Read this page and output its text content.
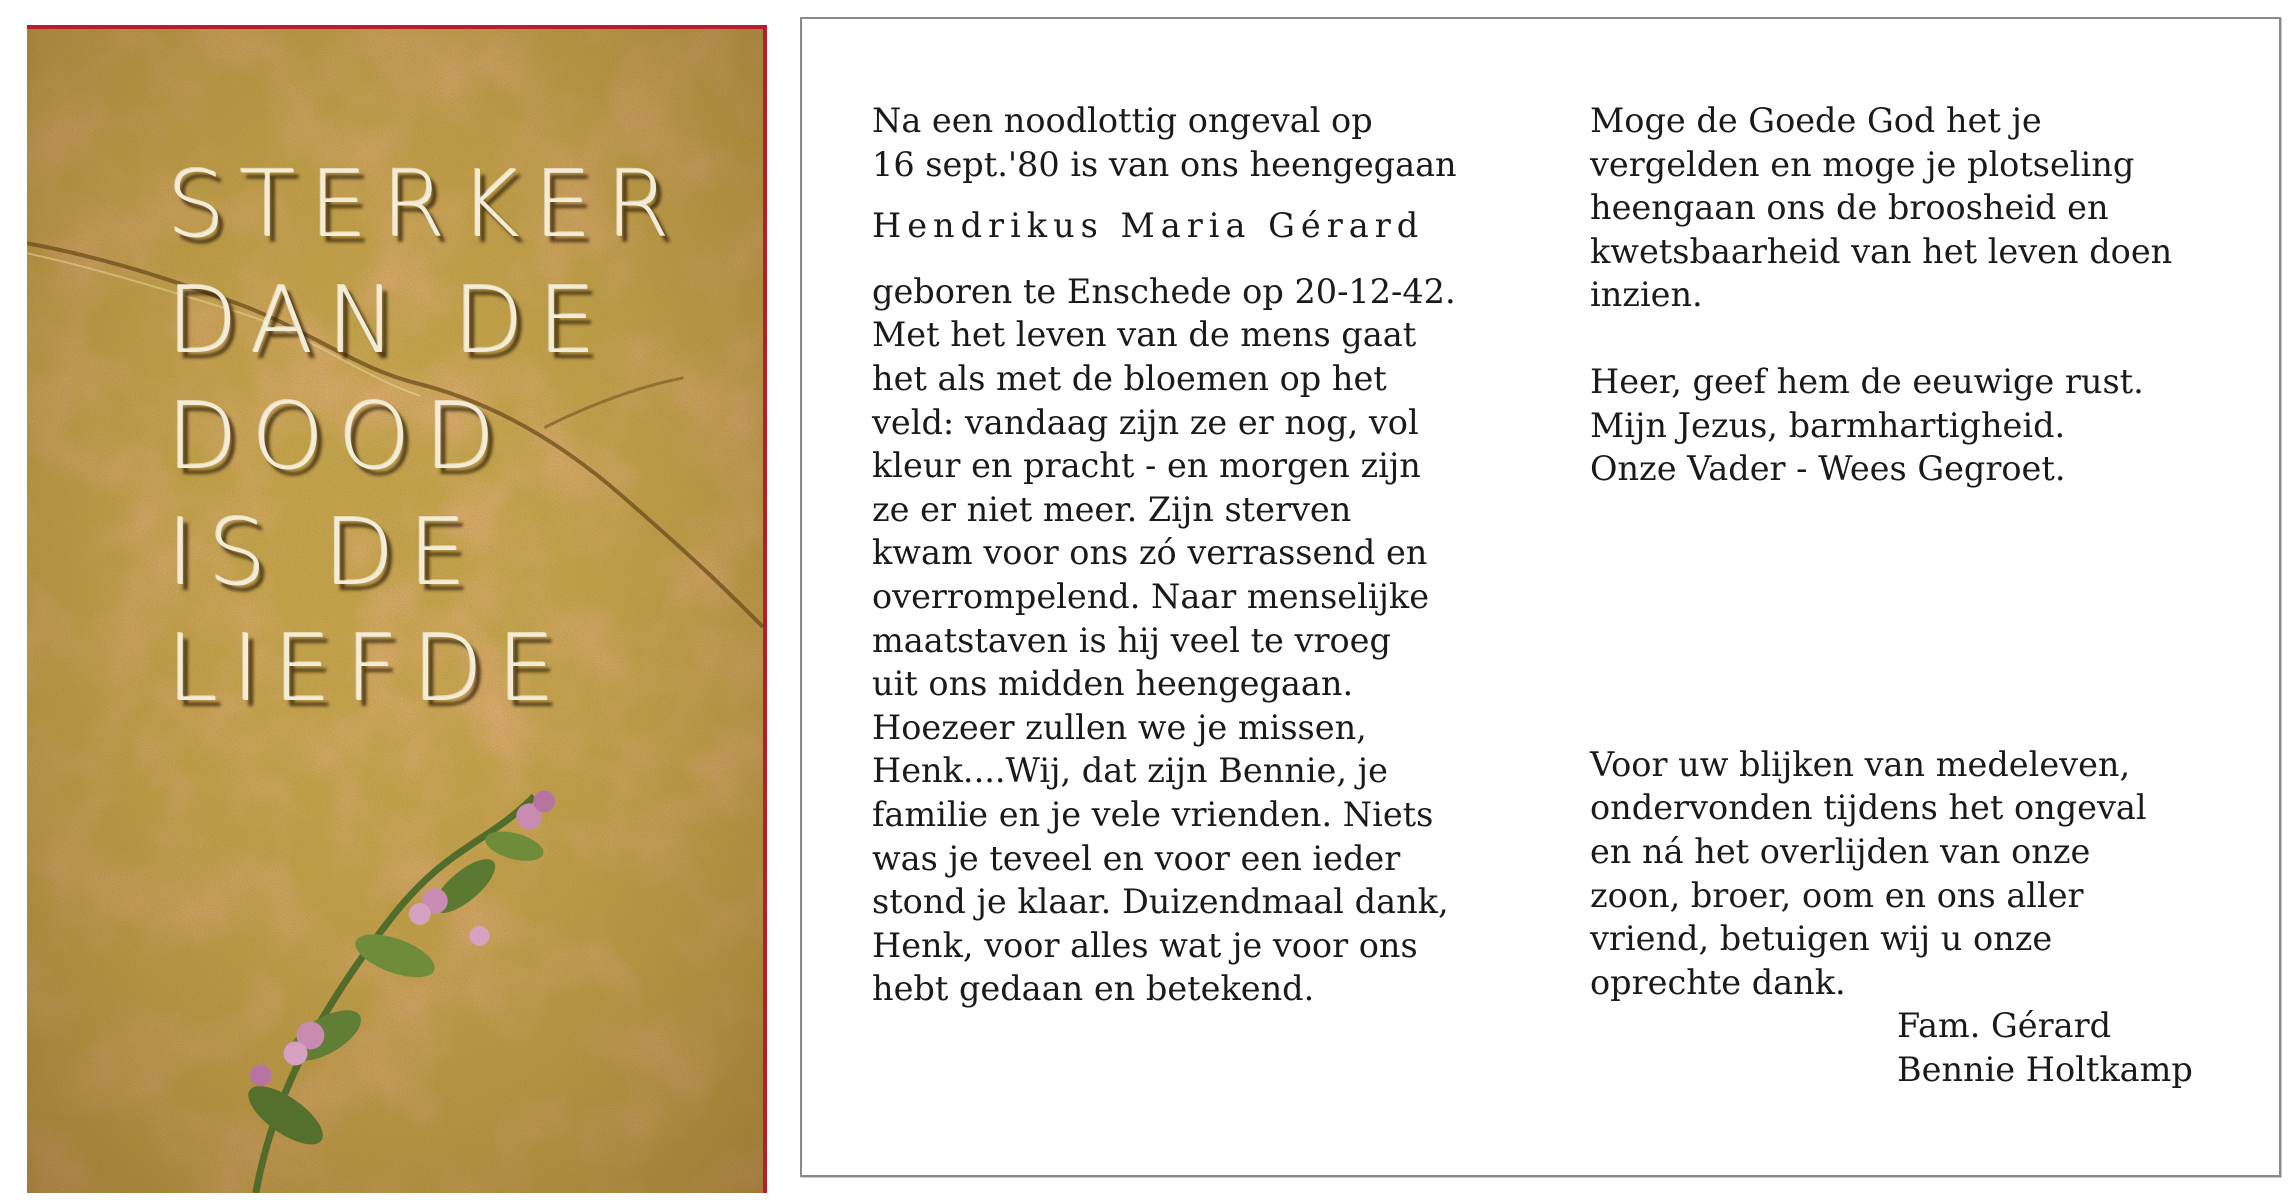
STERKER
DAN DE
DOOD
IS DE
LIEFDE
Na een noodlottig ongeval op
16 sept.'80 is van ons heengegaan
Hendrikus Maria Gérard
geboren te Enschede op 20-12-42.
Met het leven van de mens gaat
het als met de bloemen op het
veld: vandaag zijn ze er nog, vol
kleur en pracht - en morgen zijn
ze er niet meer. Zijn sterven
kwam voor ons zó verrassend en
overrompelend. Naar menselijke
maatstaven is hij veel te vroeg
uit ons midden heengegaan.
Hoezeer zullen we je missen,
Henk....Wij, dat zijn Bennie, je
familie en je vele vrienden. Niets
was je teveel en voor een ieder
stond je klaar. Duizendmaal dank,
Henk, voor alles wat je voor ons
hebt gedaan en betekend.
Moge de Goede God het je
vergelden en moge je plotseling
heengaan ons de broosheid en
kwetsbaarheid van het leven doen
inzien.
Heer, geef hem de eeuwige rust.
Mijn Jezus, barmhartigheid.
Onze Vader - Wees Gegroet.
Voor uw blijken van medeleven,
ondervonden tijdens het ongeval
en ná het overlijden van onze
zoon, broer, oom en ons aller
vriend, betuigen wij u onze
oprechte dank.
Fam. Gérard
Bennie Holtkamp
